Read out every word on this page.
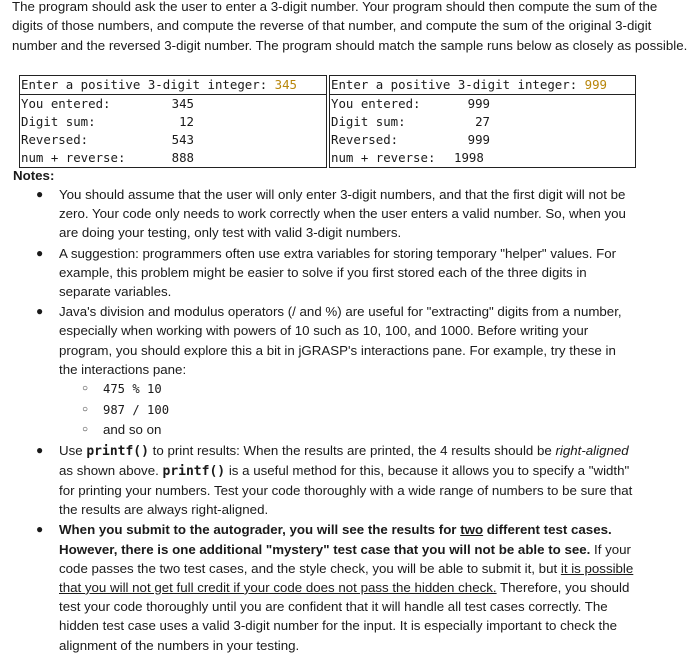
The program should ask the user to enter a 3-digit number. Your program should then compute the sum of the digits of those numbers, and compute the reverse of that number, and compute the sum of the original 3-digit number and the reversed 3-digit number. The program should match the sample runs below as closely as possible.
Enter a positive 3-digit integer: 345
You entered:	345
Digit sum:	12
Reversed:	543
num + reverse:	888
Enter a positive 3-digit integer: 999
You entered:	999
Digit sum:	27
Reversed:	999
num + reverse: 1998
Notes:
● You should assume that the user will only enter 3-digit numbers, and that the first digit will not be zero. Your code only needs to work correctly when the user enters a valid number. So, when you are doing your testing, only test with valid 3-digit numbers.
● A suggestion: programmers often use extra variables for storing temporary "helper" values. For example, this problem might be easier to solve if you first stored each of the three digits in separate variables.
● Java's division and modulus operators (/ and %) are useful for "extracting" digits from a number, especially when working with powers of 10 such as 10, 100, and 1000. Before writing your program, you should explore this a bit in jGRASP's interactions pane. For example, try these in the interactions pane:
○ 475 % 10
○ 987 / 100
○ and so on
● Use printf() to print results: When the results are printed, the 4 results should be right-aligned as shown above. printf() is a useful method for this, because it allows you to specify a "width" for printing your numbers. Test your code thoroughly with a wide range of numbers to be sure that the results are always right-aligned.
● When you submit to the autograder, you will see the results for two different test cases. However, there is one additional "mystery" test case that you will not be able to see. If your code passes the two test cases, and the style check, you will be able to submit it, but it is possible that you will not get full credit if your code does not pass the hidden check. Therefore, you should test your code thoroughly until you are confident that it will handle all test cases correctly. The hidden test case uses a valid 3-digit number for the input. It is especially important to check the alignment of the numbers in your testing.
